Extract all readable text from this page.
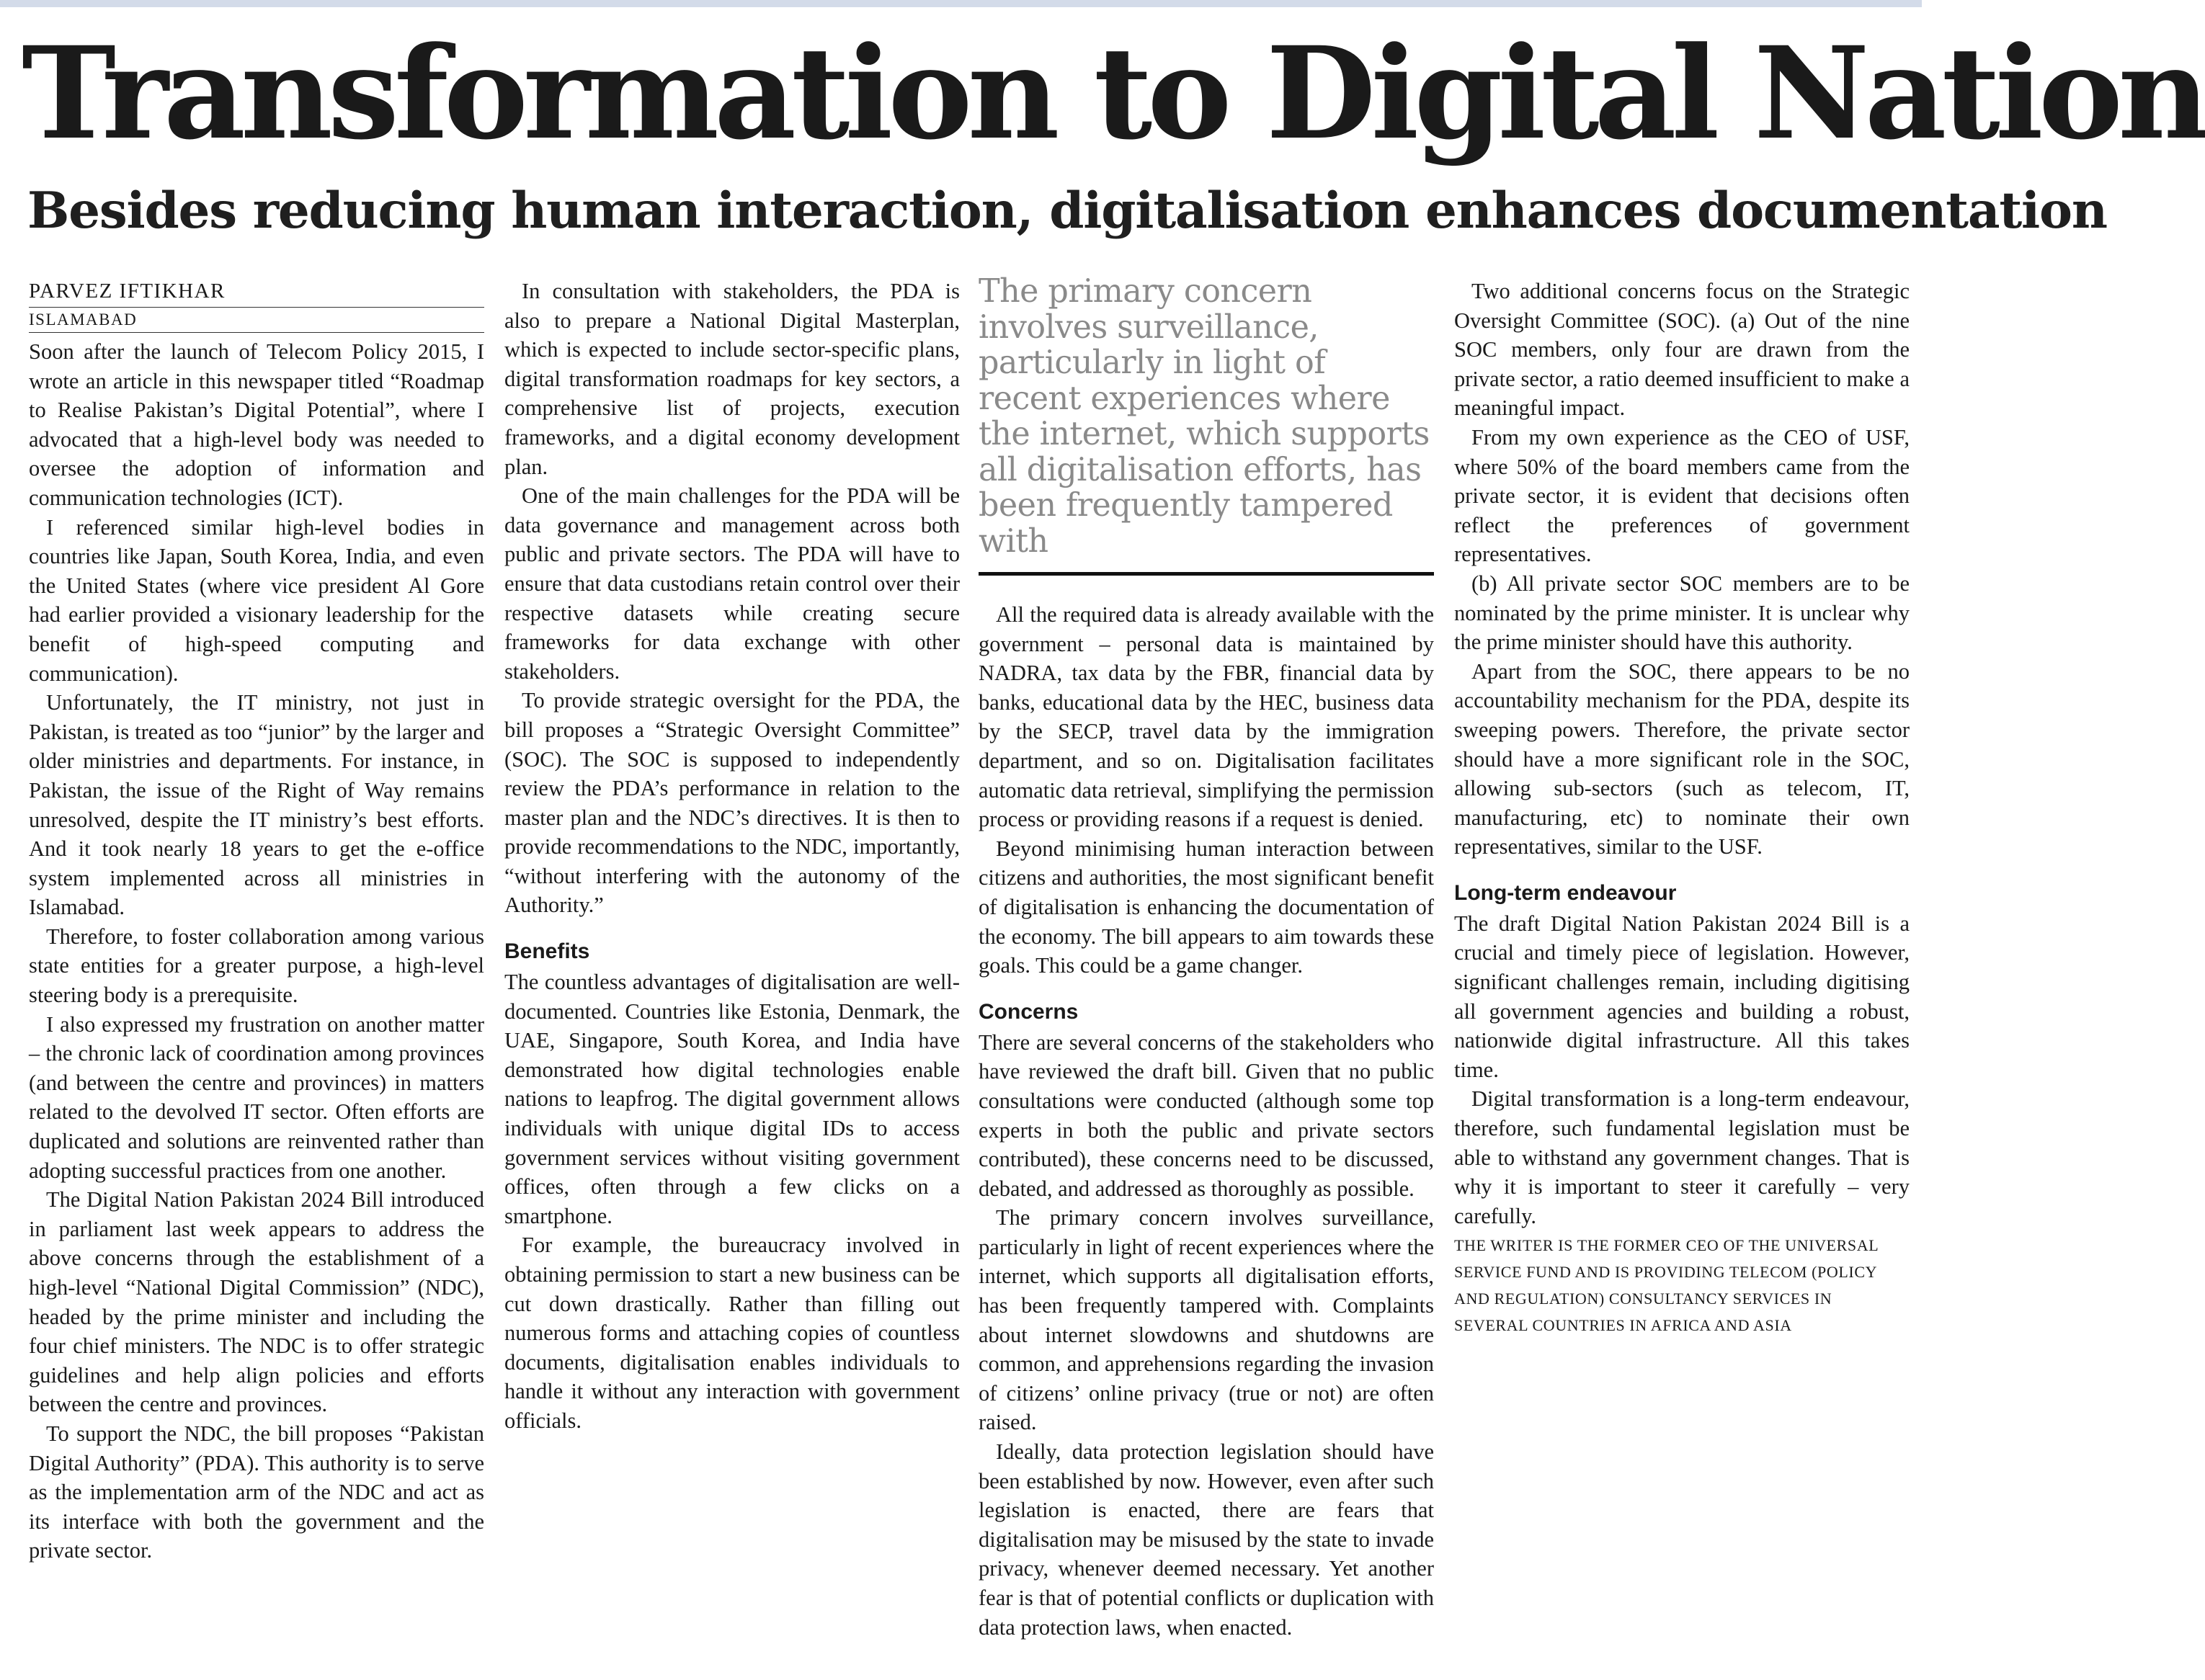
Transformation to Digital Nation
Besides reducing human interaction, digitalisation enhances documentation
PARVEZ IFTIKHAR
ISLAMABAD

Soon after the launch of Telecom Policy 2015, I wrote an article in this newspaper titled “Roadmap to Realise Pakistan’s Digital Potential”, where I advocated that a high-level body was needed to oversee the adoption of information and communication technologies (ICT).

I referenced similar high-level bodies in countries like Japan, South Korea, India, and even the United States (where vice president Al Gore had earlier provided a visionary leadership for the benefit of high-speed computing and communication).

Unfortunately, the IT ministry, not just in Pakistan, is treated as too “junior” by the larger and older ministries and departments. For instance, in Pakistan, the issue of the Right of Way remains unresolved, despite the IT ministry’s best efforts. And it took nearly 18 years to get the e-office system implemented across all ministries in Islamabad.

Therefore, to foster collaboration among various state entities for a greater purpose, a high-level steering body is a prerequisite.

I also expressed my frustration on another matter – the chronic lack of coordination among provinces (and between the centre and provinces) in matters related to the devolved IT sector. Often efforts are duplicated and solutions are reinvented rather than adopting successful practices from one another.

The Digital Nation Pakistan 2024 Bill introduced in parliament last week appears to address the above concerns through the establishment of a high-level “National Digital Commission” (NDC), headed by the prime minister and including the four chief ministers. The NDC is to offer strategic guidelines and help align policies and efforts between the centre and provinces.

To support the NDC, the bill proposes “Pakistan Digital Authority” (PDA). This authority is to serve as the implementation arm of the NDC and act as its interface with both the government and the private sector.

In consultation with stakeholders, the PDA is also to prepare a National Digital Masterplan, which is expected to include sector-specific plans, digital transformation roadmaps for key sectors, a comprehensive list of projects, execution frameworks, and a digital economy development plan.

One of the main challenges for the PDA will be data governance and management across both public and private sectors. The PDA will have to ensure that data custodians retain control over their respective datasets while creating secure frameworks for data exchange with other stakeholders.

To provide strategic oversight for the PDA, the bill proposes a “Strategic Oversight Committee” (SOC). The SOC is supposed to independently review the PDA’s performance in relation to the master plan and the NDC’s directives. It is then to provide recommendations to the NDC, importantly, “without interfering with the autonomy of the Authority.”

Benefits

The countless advantages of digitalisation are well-documented. Countries like Estonia, Denmark, the UAE, Singapore, South Korea, and India have demonstrated how digital technologies enable nations to leapfrog. The digital government allows individuals with unique digital IDs to access government services without visiting government offices, often through a few clicks on a smartphone.

For example, the bureaucracy involved in obtaining permission to start a new business can be cut down drastically. Rather than filling out numerous forms and attaching copies of countless documents, digitalisation enables individuals to handle it without any interaction with government officials.

The primary concern involves surveillance, particularly in light of recent experiences where the internet, which supports all digitalisation efforts, has been frequently tampered with

All the required data is already available with the government – personal data is maintained by NADRA, tax data by the FBR, financial data by banks, educational data by the HEC, business data by the SECP, travel data by the immigration department, and so on. Digitalisation facilitates automatic data retrieval, simplifying the permission process or providing reasons if a request is denied.

Beyond minimising human interaction between citizens and authorities, the most significant benefit of digitalisation is enhancing the documentation of the economy. The bill appears to aim towards these goals. This could be a game changer.

Concerns

There are several concerns of the stakeholders who have reviewed the draft bill. Given that no public consultations were conducted (although some top experts in both the public and private sectors contributed), these concerns need to be discussed, debated, and addressed as thoroughly as possible.

The primary concern involves surveillance, particularly in light of recent experiences where the internet, which supports all digitalisation efforts, has been frequently tampered with. Complaints about internet slowdowns and shutdowns are common, and apprehensions regarding the invasion of citizens’ online privacy (true or not) are often raised.

Ideally, data protection legislation should have been established by now. However, even after such legislation is enacted, there are fears that digitalisation may be misused by the state to invade privacy, whenever deemed necessary. Yet another fear is that of potential conflicts or duplication with data protection laws, when enacted.

Two additional concerns focus on the Strategic Oversight Committee (SOC). (a) Out of the nine SOC members, only four are drawn from the private sector, a ratio deemed insufficient to make a meaningful impact.

From my own experience as the CEO of USF, where 50% of the board members came from the private sector, it is evident that decisions often reflect the preferences of government representatives.

(b) All private sector SOC members are to be nominated by the prime minister. It is unclear why the prime minister should have this authority.

Apart from the SOC, there appears to be no accountability mechanism for the PDA, despite its sweeping powers. Therefore, the private sector should have a more significant role in the SOC, allowing sub-sectors (such as telecom, IT, manufacturing, etc) to nominate their own representatives, similar to the USF.

Long-term endeavour

The draft Digital Nation Pakistan 2024 Bill is a crucial and timely piece of legislation. However, significant challenges remain, including digitising all government agencies and building a robust, nationwide digital infrastructure. All this takes time.

Digital transformation is a long-term endeavour, therefore, such fundamental legislation must be able to withstand any government changes. That is why it is important to steer it carefully – very carefully.

THE WRITER IS THE FORMER CEO OF THE UNIVERSAL SERVICE FUND AND IS PROVIDING TELECOM (POLICY AND REGULATION) CONSULTANCY SERVICES IN SEVERAL COUNTRIES IN AFRICA AND ASIA
